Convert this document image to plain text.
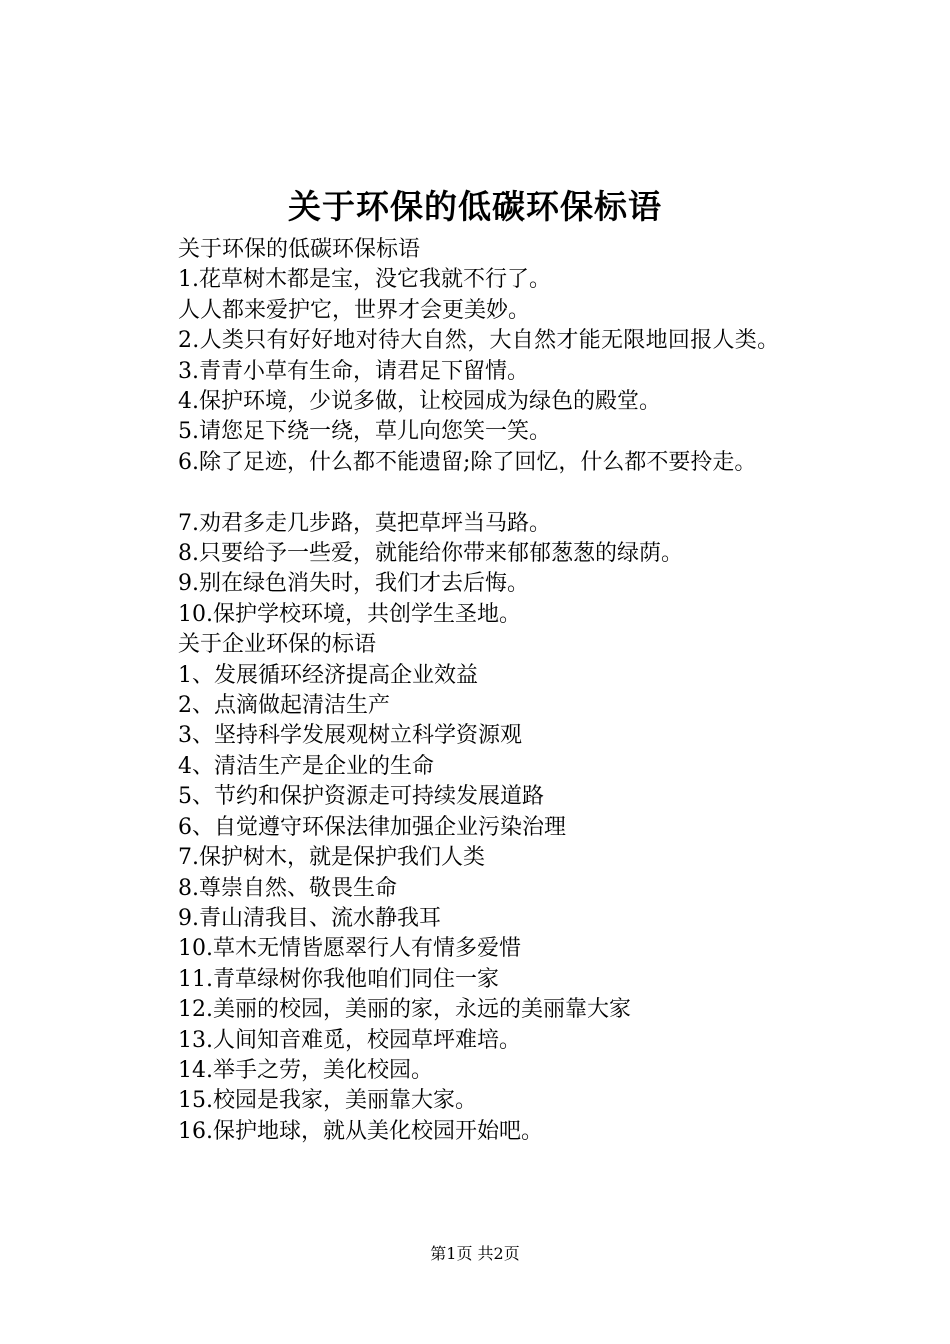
关于环保的低碳环保标语
关于环保的低碳环保标语
1.花草树木都是宝，没它我就不行了。
人人都来爱护它，世界才会更美妙。
2.人类只有好好地对待大自然，大自然才能无限地回报人类。
3.青青小草有生命，请君足下留情。
4.保护环境，少说多做，让校园成为绿色的殿堂。
5.请您足下绕一绕，草儿向您笑一笑。
6.除了足迹，什么都不能遗留;除了回忆，什么都不要拎走。
7.劝君多走几步路，莫把草坪当马路。
8.只要给予一些爱，就能给你带来郁郁葱葱的绿荫。
9.别在绿色消失时，我们才去后悔。
10.保护学校环境，共创学生圣地。
关于企业环保的标语
1、发展循环经济提高企业效益
2、点滴做起清洁生产
3、坚持科学发展观树立科学资源观
4、清洁生产是企业的生命
5、节约和保护资源走可持续发展道路
6、自觉遵守环保法律加强企业污染治理
7.保护树木，就是保护我们人类
8.尊崇自然、敬畏生命
9.青山清我目、流水静我耳
10.草木无情皆愿翠行人有情多爱惜
11.青草绿树你我他咱们同住一家
12.美丽的校园，美丽的家，永远的美丽靠大家
13.人间知音难觅，校园草坪难培。
14.举手之劳，美化校园。
15.校园是我家，美丽靠大家。
16.保护地球，就从美化校园开始吧。
第1页 共2页
